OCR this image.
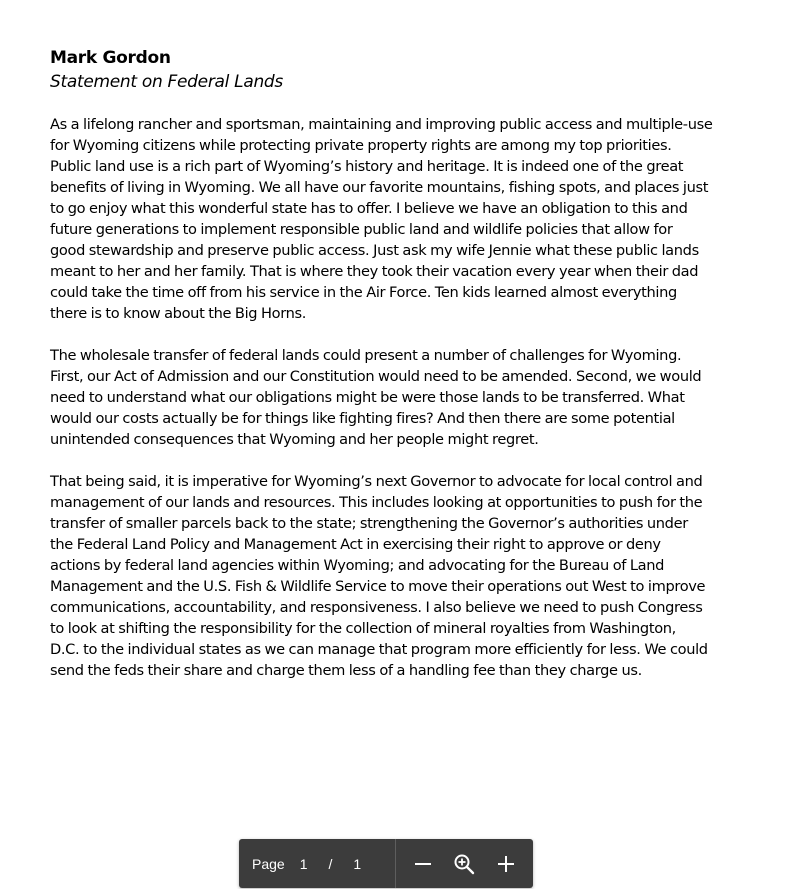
Mark Gordon

Statement on Federal Lands

As a lifelong rancher and sportsman, maintaining and improving public access and multiple-use
for Wyoming citizens while protecting private property rights are among my top priorities.
Public land use is a rich part of Wyoming’s history and heritage. It is indeed one of the great
benefits of living in Wyoming. We all have our favorite mountains, fishing spots, and places just
to go enjoy what this wonderful state has to offer. I believe we have an obligation to this and
future generations to implement responsible public land and wildlife policies that allow for
good stewardship and preserve public access. Just ask my wife Jennie what these public lands
meant to her and her family. That is where they took their vacation every year when their dad
could take the time off from his service in the Air Force. Ten kids learned almost everything
there is to know about the Big Horns.

The wholesale transfer of federal lands could present a number of challenges for Wyoming.
First, our Act of Admission and our Constitution would need to be amended. Second, we would
need to understand what our obligations might be were those lands to be transferred. What
would our costs actually be for things like fighting fires? And then there are some potential
unintended consequences that Wyoming and her people might regret.

That being said, it is imperative for Wyoming’s next Governor to advocate for local control and
management of our lands and resources. This includes looking at opportunities to push for the
transfer of smaller parcels back to the state; strengthening the Governor’s authorities under
the Federal Land Policy and Management Act in exercising their right to approve or deny
actions by federal land agencies within Wyoming; and advocating for the Bureau of Land
Management and the U.S. Fish & Wildlife Service to move their operations out West to improve
communications, accountability, and responsiveness. I also believe we need to push Congress
to look at shifting the responsibility for the collection of mineral royalties from Washington,
D.C. to the individual states as we can manage that program more efficiently for less. We could
send the feds their share and charge them less of a handling fee than they charge us.

Page 1 / 1
